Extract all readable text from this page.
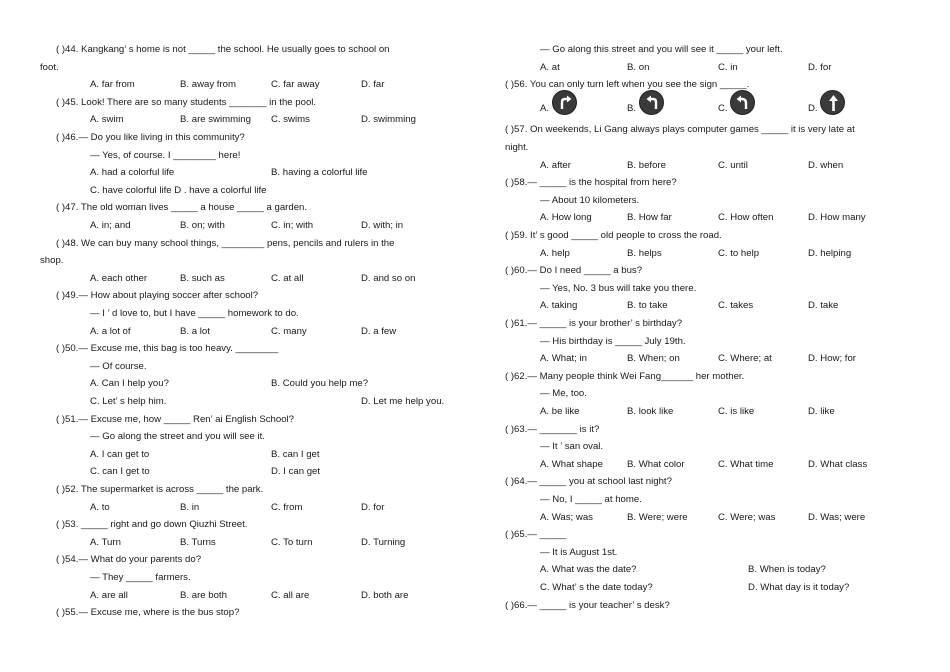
( )44. Kangkang’ s home is not _____ the school. He usually goes to school on
foot.
A. far from	B. away from	C. far away	D. far
( )45. Look! There are so many students _______ in the pool.
A. swim	B. are swimming C. swims	D. swimming
( )46.— Do you like living in this community?
— Yes, of course. I ________ here!
A. had a colorful life	B. having a colorful life
C. have colorful life D . have a colorful life
( )47. The old woman lives _____ a house _____ a garden.
A. in; and	B. on; with	C. in; with	D. with; in
( )48. We can buy many school things, ________ pens, pencils and rulers in the
shop.
A. each other	B. such as	C. at all	D. and so on
( )49.— How about playing soccer after school?
— I ’ d love to, but I have _____ homework to do.
A. a lot of	B. a lot	C. many	D. a few
( )50.— Excuse me, this bag is too heavy. ________
— Of course.
A. Can I help you?	B. Could you help me?
C. Let’ s help him.	D. Let me help you.
( )51.— Excuse me, how _____ Ren’ ai English School?
— Go along the street and you will see it.
A. I can get to	B. can I get
C. can I get to	D. I can get
( )52. The supermarket is across _____ the park.
A. to	B. in	C. from	D. for
( )53. _____ right and go down Qiuzhi Street.
A. Turn	B. Turns	C. To turn	D. Turning
( )54.— What do your parents do?
— They _____ farmers.
A. are all	B. are both	C. all are	D. both are
( )55.— Excuse me, where is the bus stop?
— Go along this street and you will see it _____ your left.
A. at	B. on	C. in	D. for
( )56. You can only turn left when you see the sign _____.
A.	B.	C.	D.
( )57. On weekends, Li Gang always plays computer games _____ it is very late at
night.
A. after	B. before	C. until	D. when
( )58.— _____ is the hospital from here?
— About 10 kilometers.
A. How long	B. How far	C. How often	D. How many
( )59. It’ s good _____ old people to cross the road.
A. help	B. helps	C. to help	D. helping
( )60.— Do I need _____ a bus?
— Yes, No. 3 bus will take you there.
A. taking	B. to take	C. takes	D. take
( )61.— _____ is your brother’ s birthday?
— His birthday is _____ July 19th.
A. What; in	B. When; on	C. Where; at	D. How; for
( )62.— Many people think Wei Fang______ her mother.
— Me, too.
A. be like	B. look like	C. is like	D. like
( )63.— _______ is it?
— It ’ san oval.
A. What shape	B. What color	C. What time	D. What class
( )64.— _____ you at school last night?
— No, I _____ at home.
A. Was; was	B. Were; were	C. Were; was	D. Was; were
( )65.— _____
— It is August 1st.
A. What was the date?	B. When is today?
C. What’ s the date today?	D. What day is it today?
( )66.— _____ is your teacher’ s desk?
